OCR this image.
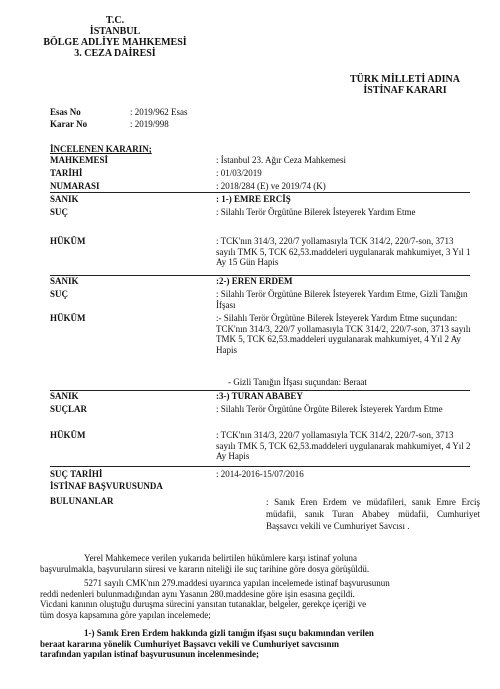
T.C.
İSTANBUL
BÖLGE ADLİYE MAHKEMESİ
3. CEZA DAİRESİ
TÜRK MİLLETİ ADINA
İSTİNAF KARARI
Esas No	: 2019/962 Esas
Karar No	: 2019/998
İNCELENEN KARARIN;
MAHKEMESİ	: İstanbul 23. Ağır Ceza Mahkemesi
TARİHİ	: 01/03/2019
NUMARASI	: 2018/284 (E) ve 2019/74 (K)
SANIK	: 1-) EMRE ERCİŞ
SUÇ	: Silahlı Terör Örgütüne Bilerek İsteyerek Yardım Etme
HÜKÜM	: TCK'nın 314/3, 220/7 yollamasıyla TCK 314/2, 220/7-son, 3713 sayılı TMK 5, TCK 62,53.maddeleri uygulanarak mahkumiyet, 3 Yıl 1 Ay 15 Gün Hapis
SANIK	:2-) EREN ERDEM
SUÇ	: Silahlı Terör Örgütüne Bilerek İsteyerek Yardım Etme, Gizli Tanığın İfşası
HÜKÜM	:- Silahlı Terör Örgütüne Bilerek İsteyerek Yardım Etme suçundan: TCK'nın 314/3, 220/7 yollamasıyla TCK 314/2, 220/7-son, 3713 sayılı TMK 5, TCK 62,53.maddeleri uygulanarak mahkumiyet, 4 Yıl 2 Ay Hapis
- Gizli Tanığın İfşası suçundan: Beraat
SANIK	:3-) TURAN ABABEY
SUÇLAR	: Silahlı Terör Örgütüne Örgüte Bilerek İsteyerek Yardım Etme
HÜKÜM	: TCK'nın 314/3, 220/7 yollamasıyla TCK 314/2, 220/7-son, 3713 sayılı TMK 5, TCK 62,53.maddeleri uygulanarak mahkumiyet, 4 Yıl 2 Ay Hapis
SUÇ TARİHİ	: 2014-2016-15/07/2016
İSTİNAF BAŞVURUSUNDA
BULUNANLAR	: Sanık Eren Erdem ve müdafileri, sanık Emre Erciş müdafii, sanık Turan Ababey müdafii, Cumhuriyet Başsavcı vekili ve Cumhuriyet Savcısı .
Yerel Mahkemece verilen yukarıda belirtilen hükümlere karşı istinaf yoluna
başvurulmakla, başvuruların süresi ve kararın niteliği ile suç tarihine göre dosya görüşüldü.
5271 sayılı CMK'nın 279.maddesi uyarınca yapılan incelemede istinaf başvurusunun
reddi nedenleri bulunmadığından aynı Yasanın 280.maddesine göre işin esasına geçildi.
Vicdani kanının oluştuğu duruşma sürecini yansıtan tutanaklar, belgeler, gerekçe içeriği ve
tüm dosya kapsamına göre yapılan incelemede;
1-) Sanık Eren Erdem hakkında gizli tanığın ifşası suçu bakımından verilen
beraat kararına yönelik Cumhuriyet Başsavcı vekili ve Cumhuriyet savcısının
tarafından yapılan istinaf başvurusunun incelenmesinde;
